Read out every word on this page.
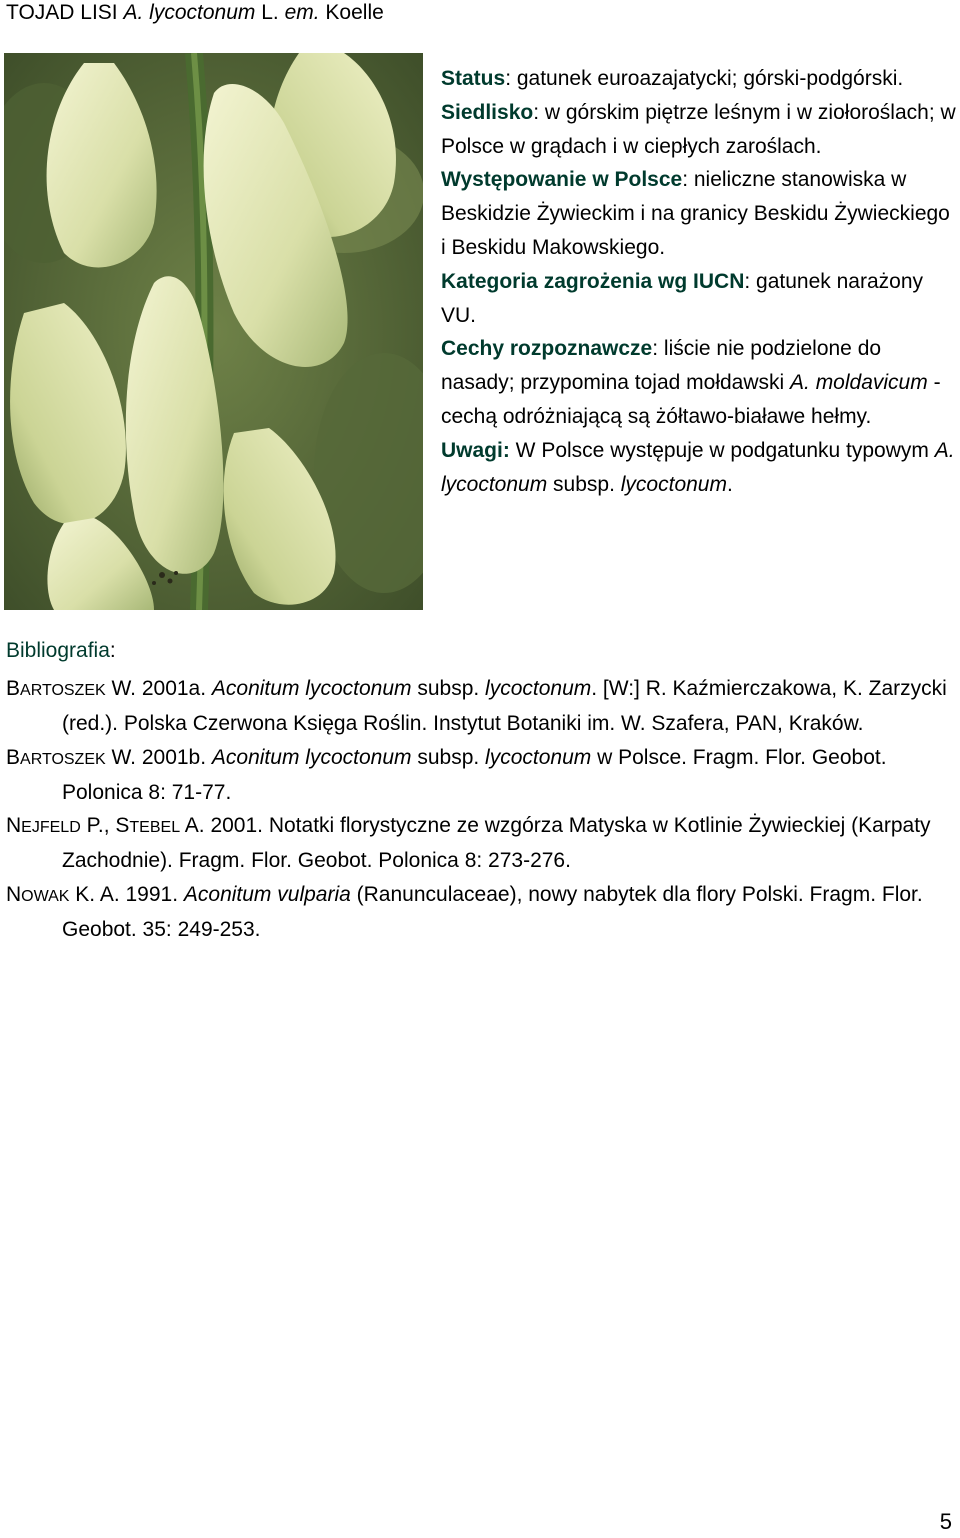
TOJAD LISI A. lycoctonum L. em. Koelle

Status: gatunek euroazajatycki; górski-podgórski.

Siedlisko: w górskim piętrze leśnym i w ziołoroślach; w Polsce w grądach i w ciepłych zaroślach.

Występowanie w Polsce: nieliczne stanowiska w Beskidzie Żywieckim i na granicy Beskidu Żywieckiego i Beskidu Makowskiego.

Kategoria zagrożenia wg IUCN: gatunek narażony VU.

Cechy rozpoznawcze: liście nie podzielone do nasady; przypomina tojad mołdawski A. moldavicum - cechą odróżniającą są żółtawo-białawe hełmy.

Uwagi: W Polsce występuje w podgatunku typowym A. lycoctonum subsp. lycoctonum.

Bibliografia:

BARTOSZEK W. 2001a. Aconitum lycoctonum subsp. lycoctonum. [W:] R. Kaźmierczakowa, K. Zarzycki (red.). Polska Czerwona Księga Roślin. Instytut Botaniki im. W. Szafera, PAN, Kraków.

BARTOSZEK W. 2001b. Aconitum lycoctonum subsp. lycoctonum w Polsce. Fragm. Flor. Geobot. Polonica 8: 71-77.

NEJFELD P., STEBEL A. 2001. Notatki florystyczne ze wzgórza Matyska w Kotlinie Żywieckiej (Karpaty Zachodnie). Fragm. Flor. Geobot. Polonica 8: 273-276.

NOWAK K. A. 1991. Aconitum vulparia (Ranunculaceae), nowy nabytek dla flory Polski. Fragm. Flor. Geobot. 35: 249-253.

5
